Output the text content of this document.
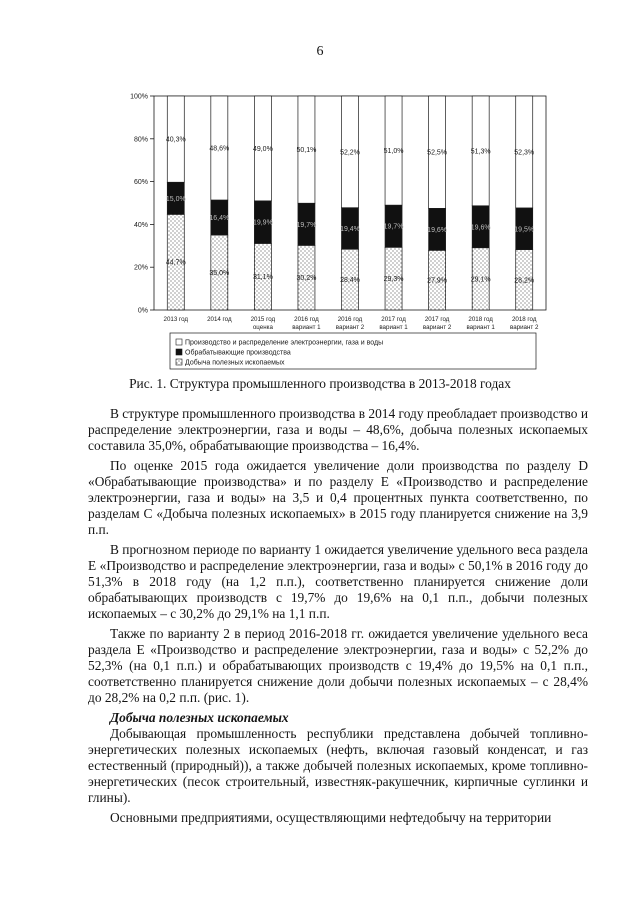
6
0%
20%
40%
60%
80%
100%
44,7%
15,0%
40,3%
35,0%
16,4%
48,6%
31,1%
19,9%
49,0%
30,2%
19,7%
50,1%
28,4%
19,4%
52,2%
29,3%
19,7%
51,0%
27,9%
19,6%
52,5%
29,1%
19,6%
51,3%
28,2%
19,5%
52,3%
2013 год	2014 год	2015 год
оценка
2016 год
вариант 1
2016 год
вариант 2
2017 год
вариант 1
2017 год
вариант 2
2018 год
вариант 1
2018 год
вариант 2
Производство и распределение электроэнергии, газа и воды
Обрабатывающие производства
Добыча полезных ископаемых
Рис. 1. Структура промышленного производства в 2013-2018 годах

В структуре промышленного производства в 2014 году преобладает производство и распределение электроэнергии, газа и воды – 48,6%, добыча полезных ископаемых составила 35,0%, обрабатывающие производства – 16,4%.

По оценке 2015 года ожидается увеличение доли производства по разделу D «Обрабатывающие производства» и по разделу E «Производство и распределение электроэнергии, газа и воды» на 3,5 и 0,4 процентных пункта соответственно, по разделам С «Добыча полезных ископаемых» в 2015 году планируется снижение на 3,9 п.п.

В прогнозном периоде по варианту 1 ожидается увеличение удельного веса раздела E «Производство и распределение электроэнергии, газа и воды» с 50,1% в 2016 году до 51,3% в 2018 году (на 1,2 п.п.), соответственно планируется снижение доли обрабатывающих производств с 19,7% до 19,6% на 0,1 п.п., добычи полезных ископаемых – с 30,2% до 29,1% на 1,1 п.п.

Также по варианту 2 в период 2016-2018 гг. ожидается увеличение удельного веса раздела E «Производство и распределение электроэнергии, газа и воды» с 52,2% до 52,3% (на 0,1 п.п.) и обрабатывающих производств с 19,4% до 19,5% на 0,1 п.п., соответственно планируется снижение доли добычи полезных ископаемых – с 28,4% до 28,2% на 0,2 п.п. (рис. 1).

Добыча полезных ископаемых

Добывающая промышленность республики представлена добычей топливно-энергетических полезных ископаемых (нефть, включая газовый конденсат, и газ естественный (природный)), а также добычей полезных ископаемых, кроме топливно-энергетических (песок строительный, известняк-ракушечник, кирпичные суглинки и глины).

Основными предприятиями, осуществляющими нефтедобычу на территории
